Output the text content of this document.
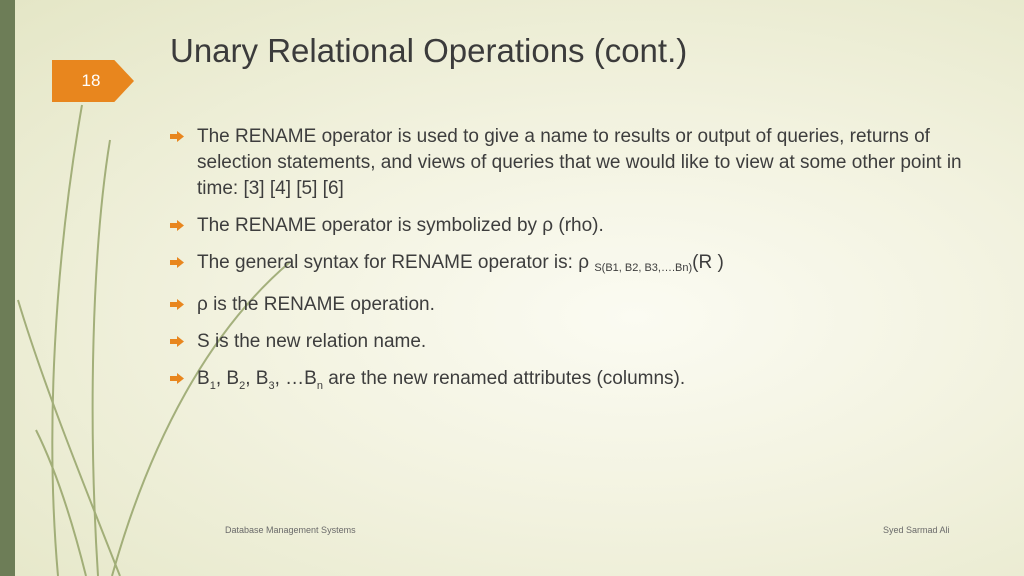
18
Unary Relational Operations (cont.)
The RENAME operator is used to give a name to results or output of queries, returns of selection statements, and views of queries that we would like to view at some other point in time: [3] [4] [5] [6]
The RENAME operator is symbolized by ρ (rho).
The general syntax for RENAME operator is: ρ S(B1, B2, B3,….Bn)(R )
ρ is the RENAME operation.
S is the new relation name.
$B_1$, $B_2$, $B_3$, $\dots B_n$ are the new renamed attributes (columns).
Database Management Systems	Syed Sarmad Ali
